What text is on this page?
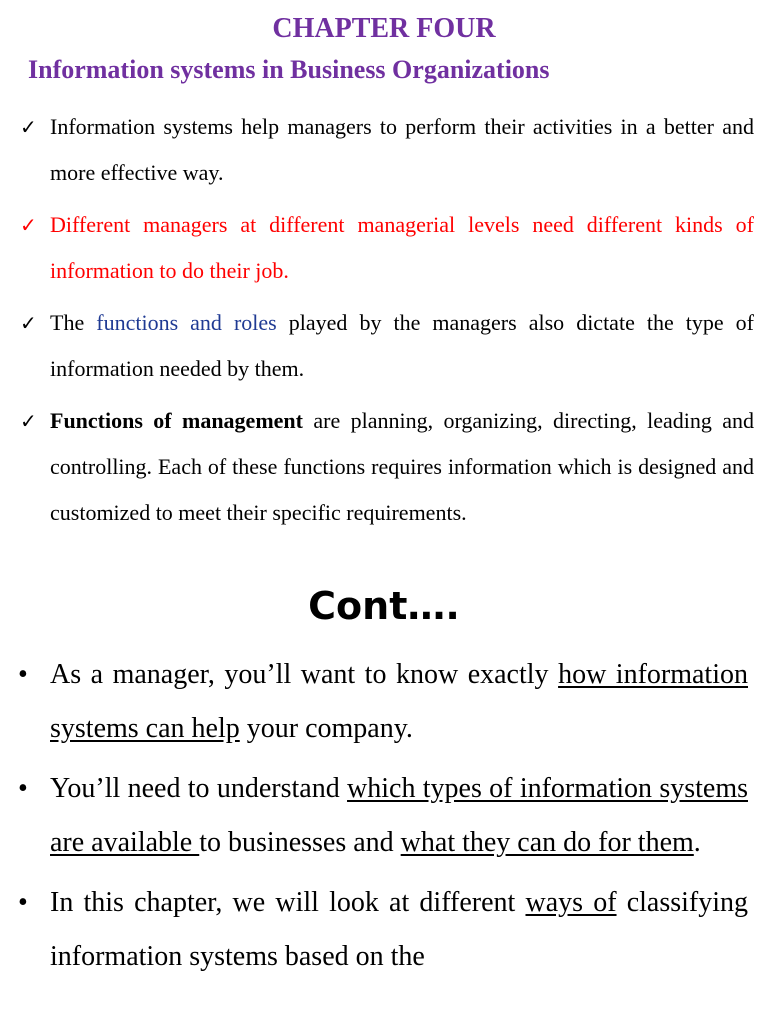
CHAPTER FOUR
Information systems in Business Organizations
✓ Information systems help managers to perform their activities in a better and more effective way.
✓ Different managers at different managerial levels need different kinds of information to do their job.
✓ The functions and roles played by the managers also dictate the type of information needed by them.
✓ Functions of management are planning, organizing, directing, leading and controlling. Each of these functions requires information which is designed and customized to meet their specific requirements.
Cont….
• As a manager, you’ll want to know exactly how information systems can help your company.
• You’ll need to understand which types of information systems are available to businesses and what they can do for them.
• In this chapter, we will look at different ways of classifying information systems based on the
